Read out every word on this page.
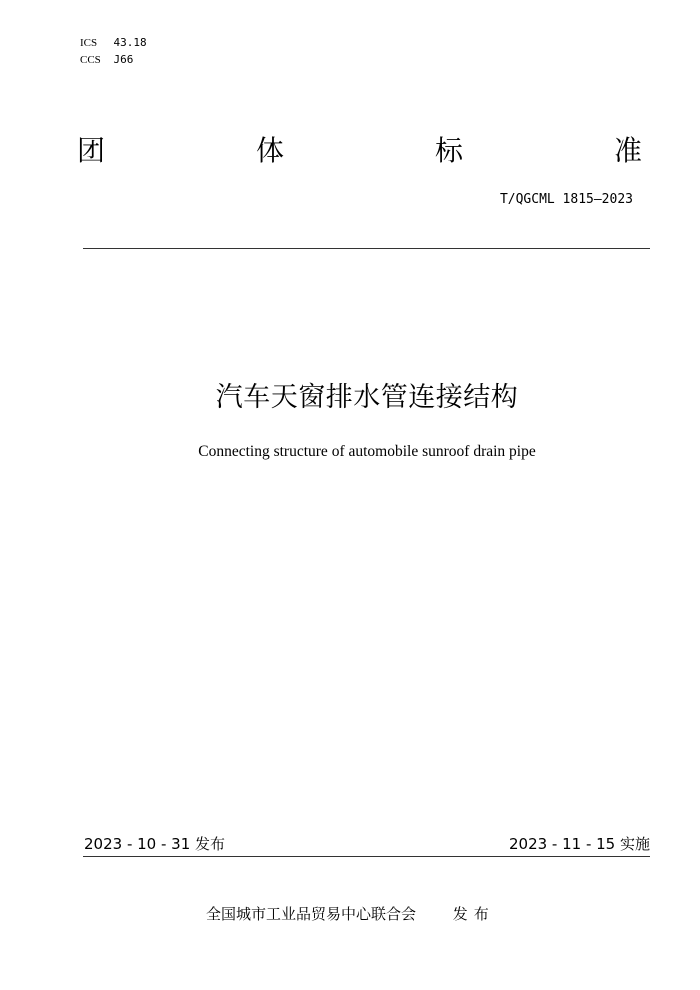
ICS 43.18
CCS J66
团	体	标	准
T/QGCML 1815—2023
汽车天窗排水管连接结构
Connecting structure of automobile sunroof drain pipe
2023 - 10 - 31 发布	2023 - 11 - 15 实施
全国城市工业品贸易中心联合会 发布
